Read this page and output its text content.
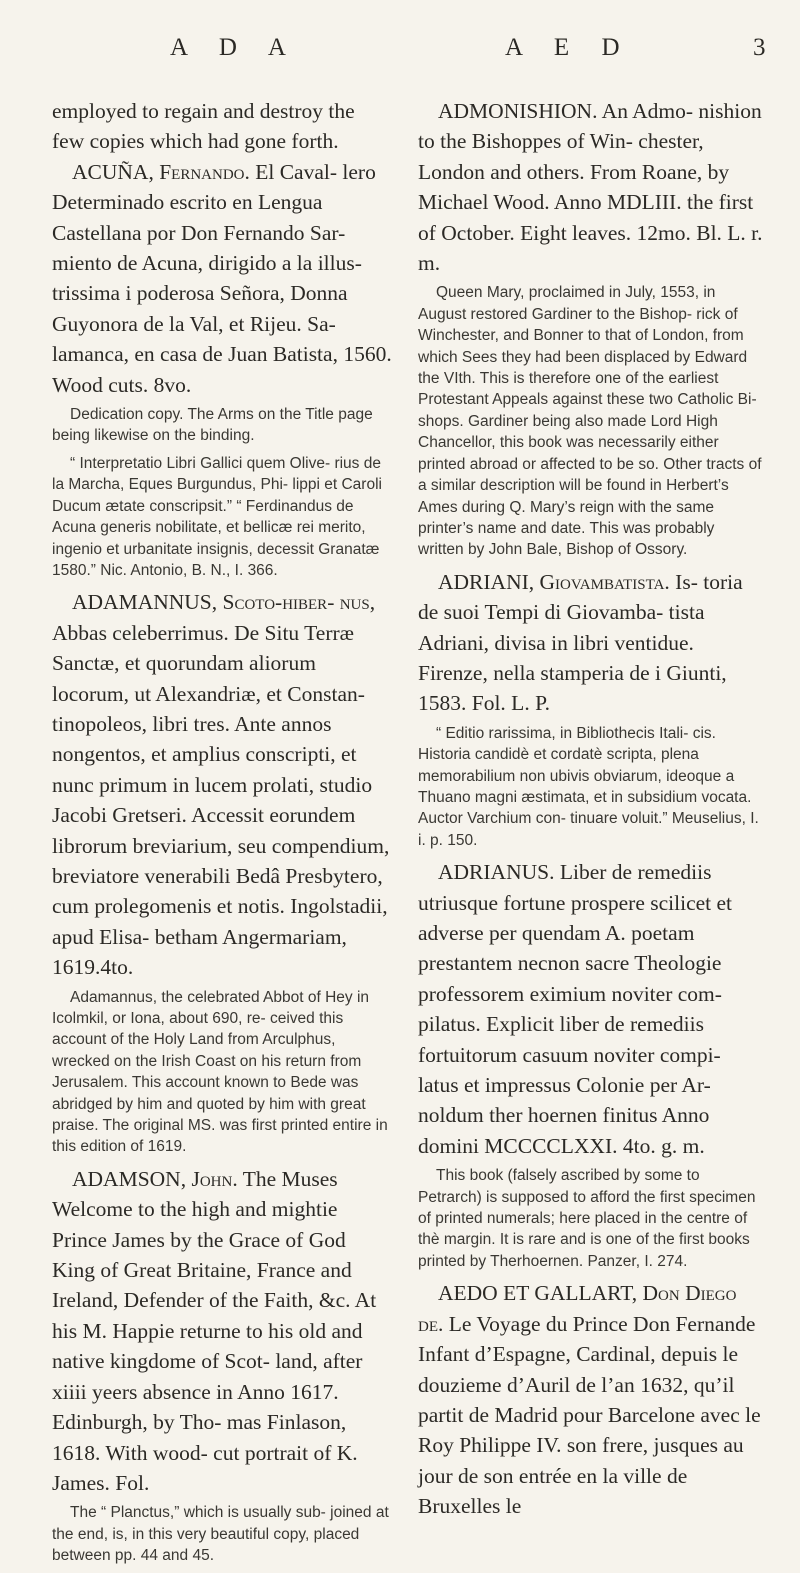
A D A	A E D	3

employed to regain and destroy the few copies which had gone forth.

ACUÑA, Fernando. El Caval- lero Determinado escrito en Lengua Castellana por Don Fernando Sar- miento de Acuna, dirigido a la illus- trissima i poderosa Señora, Donna Guyonora de la Val, et Rijeu. Sa- lamanca, en casa de Juan Batista, 1560. Wood cuts. 8vo.

Dedication copy. The Arms on the Title page being likewise on the binding.

“ Interpretatio Libri Gallici quem Olive- rius de la Marcha, Eques Burgundus, Phi- lippi et Caroli Ducum ætate conscripsit.” “ Ferdinandus de Acuna generis nobilitate, et bellicæ rei merito, ingenio et urbanitate insignis, decessit Granatæ 1580.” Nic. Antonio, B. N., I. 366.

ADAMANNUS, Scoto-hiber- nus, Abbas celeberrimus. De Situ Terræ Sanctæ, et quorundam aliorum locorum, ut Alexandriæ, et Constan- tinopoleos, libri tres. Ante annos nongentos, et amplius conscripti, et nunc primum in lucem prolati, studio Jacobi Gretseri. Accessit eorundem librorum breviarium, seu compendium, breviatore venerabili Bedâ Presbytero, cum prolegomenis et notis. Ingolstadii, apud Elisa- betham Angermariam, 1619.4to.

Adamannus, the celebrated Abbot of Hey in Icolmkil, or Iona, about 690, re- ceived this account of the Holy Land from Arculphus, wrecked on the Irish Coast on his return from Jerusalem. This account known to Bede was abridged by him and quoted by him with great praise. The original MS. was first printed entire in this edition of 1619.

ADAMSON, John. The Muses Welcome to the high and mightie Prince James by the Grace of God King of Great Britaine, France and Ireland, Defender of the Faith, &c. At his M. Happie returne to his old and native kingdome of Scot- land, after xiiii yeers absence in Anno 1617. Edinburgh, by Tho- mas Finlason, 1618. With wood- cut portrait of K. James. Fol.

The “ Planctus,” which is usually sub- joined at the end, is, in this very beautiful copy, placed between pp. 44 and 45.

ADMONISHION. An Admo- nishion to the Bishoppes of Win- chester, London and others. From Roane, by Michael Wood. Anno MDLIII. the first of October. Eight leaves. 12mo. Bl. L. r. m.

Queen Mary, proclaimed in July, 1553, in August restored Gardiner to the Bishop- rick of Winchester, and Bonner to that of London, from which Sees they had been displaced by Edward the VIth. This is therefore one of the earliest Protestant Appeals against these two Catholic Bi- shops. Gardiner being also made Lord High Chancellor, this book was necessarily either printed abroad or affected to be so. Other tracts of a similar description will be found in Herbert’s Ames during Q. Mary’s reign with the same printer’s name and date. This was probably written by John Bale, Bishop of Ossory.

ADRIANI, Giovambatista. Is- toria de suoi Tempi di Giovamba- tista Adriani, divisa in libri ventidue. Firenze, nella stamperia de i Giunti, 1583. Fol. L. P.

“ Editio rarissima, in Bibliothecis Itali- cis. Historia candidè et cordatè scripta, plena memorabilium non ubivis obviarum, ideoque a Thuano magni æstimata, et in subsidium vocata. Auctor Varchium con- tinuare voluit.” Meuselius, I. i. p. 150.

ADRIANUS. Liber de remediis utriusque fortune prospere scilicet et adverse per quendam A. poetam prestantem necnon sacre Theologie professorem eximium noviter com- pilatus. Explicit liber de remediis fortuitorum casuum noviter compi- latus et impressus Colonie per Ar- noldum ther hoernen finitus Anno domini MCCCCLXXI. 4to. g. m.

This book (falsely ascribed by some to Petrarch) is supposed to afford the first specimen of printed numerals; here placed in the centre of thè margin. It is rare and is one of the first books printed by Therhoernen. Panzer, I. 274.

AEDO ET GALLART, Don Diego de. Le Voyage du Prince Don Fernande Infant d’Espagne, Cardinal, depuis le douzieme d’Auril de l’an 1632, qu’il partit de Madrid pour Barcelone avec le Roy Philippe IV. son frere, jusques au jour de son entrée en la ville de Bruxelles le
